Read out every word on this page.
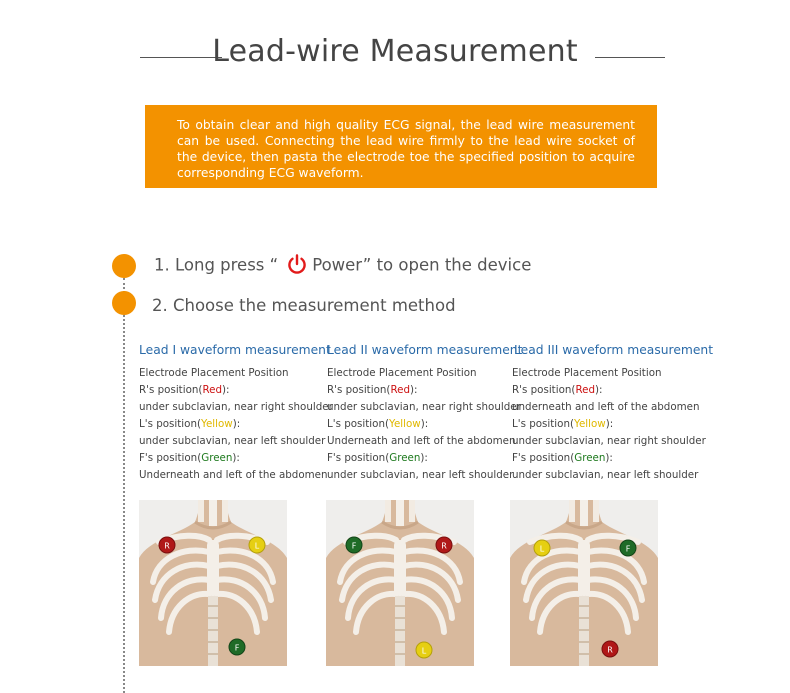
Lead-wire Measurement
To obtain clear and high quality ECG signal, the lead wire measurement can be used. Connecting the lead wire firmly to the lead wire socket of the device, then pasta the electrode toe the specified position to acquire corresponding ECG waveform.
1. Long press “ Power” to open the device
2. Choose the measurement method
Lead I waveform measurement
Electrode Placement Position
R's position(Red):
under subclavian, near right shoulder
L's position(Yellow):
under subclavian, near left shoulder
F's position(Green):
Underneath and left of the abdomen
Lead II waveform measurement
Electrode Placement Position
R's position(Red):
under subclavian, near right shoulder
L's position(Yellow):
Underneath and left of the abdomen
F's position(Green):
under subclavian, near left shoulder
Lead III waveform measurement
Electrode Placement Position
R's position(Red):
underneath and left of the abdomen
L's position(Yellow):
under subclavian, near right shoulder
F's position(Green):
under subclavian, near left shoulder
R	L
F
F	R
L
L	F
R
